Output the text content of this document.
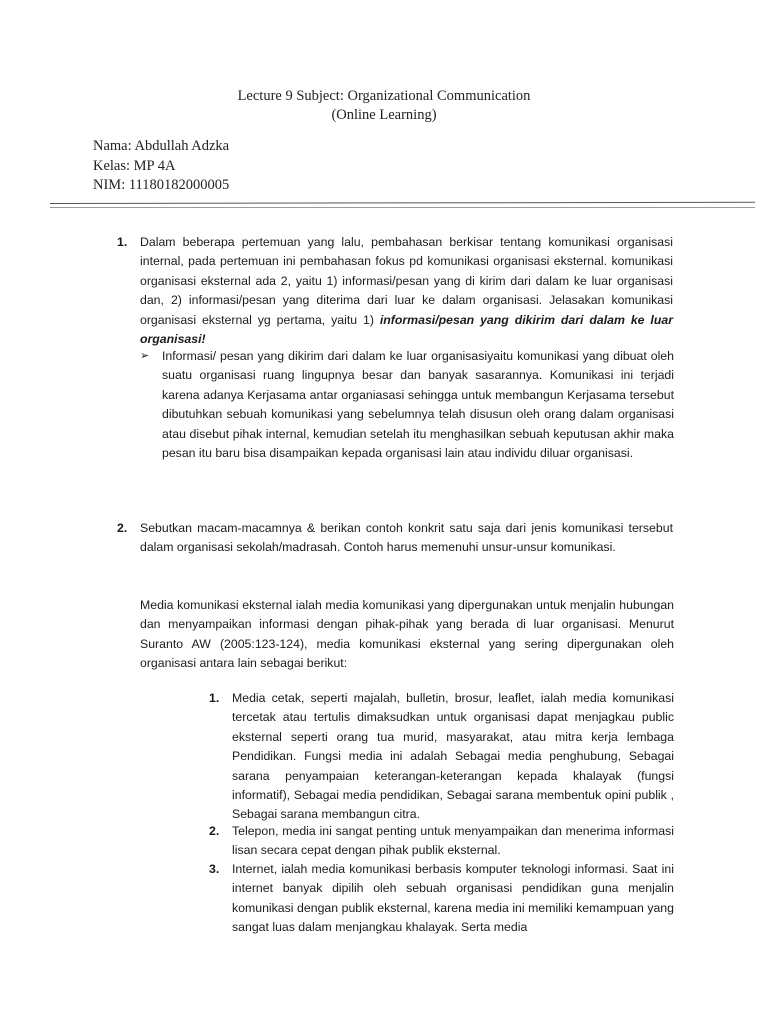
Lecture 9 Subject: Organizational Communication
(Online Learning)
Nama: Abdullah Adzka
Kelas: MP 4A
NIM: 11180182000005
1. Dalam beberapa pertemuan yang lalu, pembahasan berkisar tentang komunikasi organisasi internal, pada pertemuan ini pembahasan fokus pd komunikasi organisasi eksternal. komunikasi organisasi eksternal ada 2, yaitu 1) informasi/pesan yang di kirim dari dalam ke luar organisasi dan, 2) informasi/pesan yang diterima dari luar ke dalam organisasi. Jelasakan komunikasi organisasi eksternal yg pertama, yaitu 1) informasi/pesan yang dikirim dari dalam ke luar organisasi!

➢ Informasi/ pesan yang dikirim dari dalam ke luar organisasiyaitu komunikasi yang dibuat oleh suatu organisasi ruang lingupnya besar dan banyak sasarannya. Komunikasi ini terjadi karena adanya Kerjasama antar organiasasi sehingga untuk membangun Kerjasama tersebut dibutuhkan sebuah komunikasi yang sebelumnya telah disusun oleh orang dalam organisasi atau disebut pihak internal, kemudian setelah itu menghasilkan sebuah keputusan akhir maka pesan itu baru bisa disampaikan kepada organisasi lain atau individu diluar organisasi.

2. Sebutkan macam-macamnya & berikan contoh konkrit satu saja dari jenis komunikasi tersebut dalam organisasi sekolah/madrasah. Contoh harus memenuhi unsur-unsur komunikasi.

Media komunikasi eksternal ialah media komunikasi yang dipergunakan untuk menjalin hubungan dan menyampaikan informasi dengan pihak-pihak yang beradа di luar organisasi. Menurut Suranto AW (2005:123-124), media komunikasi eksternal yang sering dipergunakan oleh organisasi antara lain sebagai berikut:

1. Media cetak, seperti majalah, bulletin, brosur, leaflet, ialah media komunikasi tercetak atau tertulis dimaksudkan untuk organisasi dapat menjagkau public eksternal seperti orang tua murid, masyarakat, atau mitra kerja lembaga Pendidikan. Fungsi media ini adalah Sebagai media penghubung, Sebagai sarana penyampaian keterangan-keterangan kepada khalayak (fungsi informatif), Sebagai media pendidikan, Sebagai sarana membentuk opini publik , Sebagai sarana membangun citra.

2. Telepon, media ini sangat penting untuk menyampaikan dan menerima informasi lisan secara cepat dengan pihak publik eksternal.

3. Internet, ialah media komunikasi berbasis komputer teknologi informasi. Saat ini internet banyak dipilih oleh sebuah organisasi pendidikan guna menjalin komunikasi dengan publik eksternal, karena media ini memiliki kemampuan yang sangat luas dalam menjangkau khalayak. Serta media
